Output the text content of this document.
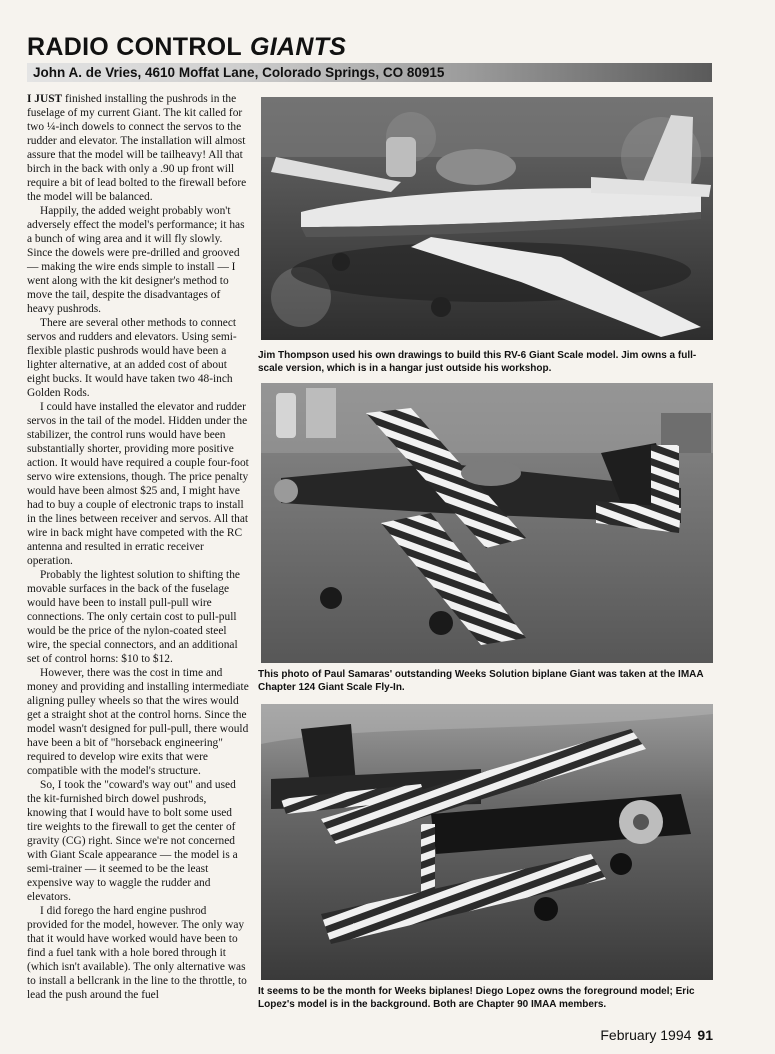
RADIO CONTROL GIANTS
John A. de Vries, 4610 Moffat Lane, Colorado Springs, CO 80915

I JUST finished installing the pushrods in the fuselage of my current Giant. The kit called for two ¼-inch dowels to connect the servos to the rudder and elevator. The installation will almost assure that the model will be tailheavy! All that birch in the back with only a .90 up front will require a bit of lead bolted to the firewall before the model will be balanced.

Happily, the added weight probably won't adversely effect the model's performance; it has a bunch of wing area and it will fly slowly. Since the dowels were pre-drilled and grooved — making the wire ends simple to install — I went along with the kit designer's method to move the tail, despite the disadvantages of heavy pushrods.

There are several other methods to connect servos and rudders and elevators. Using semi-flexible plastic pushrods would have been a lighter alternative, at an added cost of about eight bucks. It would have taken two 48-inch Golden Rods.

I could have installed the elevator and rudder servos in the tail of the model. Hidden under the stabilizer, the control runs would have been substantially shorter, providing more positive action. It would have required a couple four-foot servo wire extensions, though. The price penalty would have been almost $25 and, I might have had to buy a couple of electronic traps to install in the lines between receiver and servos. All that wire in back might have competed with the RC antenna and resulted in erratic receiver operation.

Probably the lightest solution to shifting the movable surfaces in the back of the fuselage would have been to install pull-pull wire connections. The only certain cost to pull-pull would be the price of the nylon-coated steel wire, the special connectors, and an additional set of control horns: $10 to $12.

However, there was the cost in time and money and providing and installing intermediate aligning pulley wheels so that the wires would get a straight shot at the control horns. Since the model wasn't designed for pull-pull, there would have been a bit of "horseback engineering" required to develop wire exits that were compatible with the model's structure.

So, I took the "coward's way out" and used the kit-furnished birch dowel pushrods, knowing that I would have to bolt some used tire weights to the firewall to get the center of gravity (CG) right. Since we're not concerned with Giant Scale appearance — the model is a semi-trainer — it seemed to be the least expensive way to waggle the rudder and elevators.

I did forego the hard engine pushrod provided for the model, however. The only way that it would have worked would have been to find a fuel tank with a hole bored through it (which isn't available). The only alternative was to install a bellcrank in the line to the throttle, to lead the push around the fuel

Jim Thompson used his own drawings to build this RV-6 Giant Scale model. Jim owns a full-scale version, which is in a hangar just outside his workshop.
This photo of Paul Samaras' outstanding Weeks Solution biplane Giant was taken at the IMAA Chapter 124 Giant Scale Fly-In.
It seems to be the month for Weeks biplanes! Diego Lopez owns the foreground model; Eric Lopez's model is in the background. Both are Chapter 90 IMAA members.
February 1994 91
